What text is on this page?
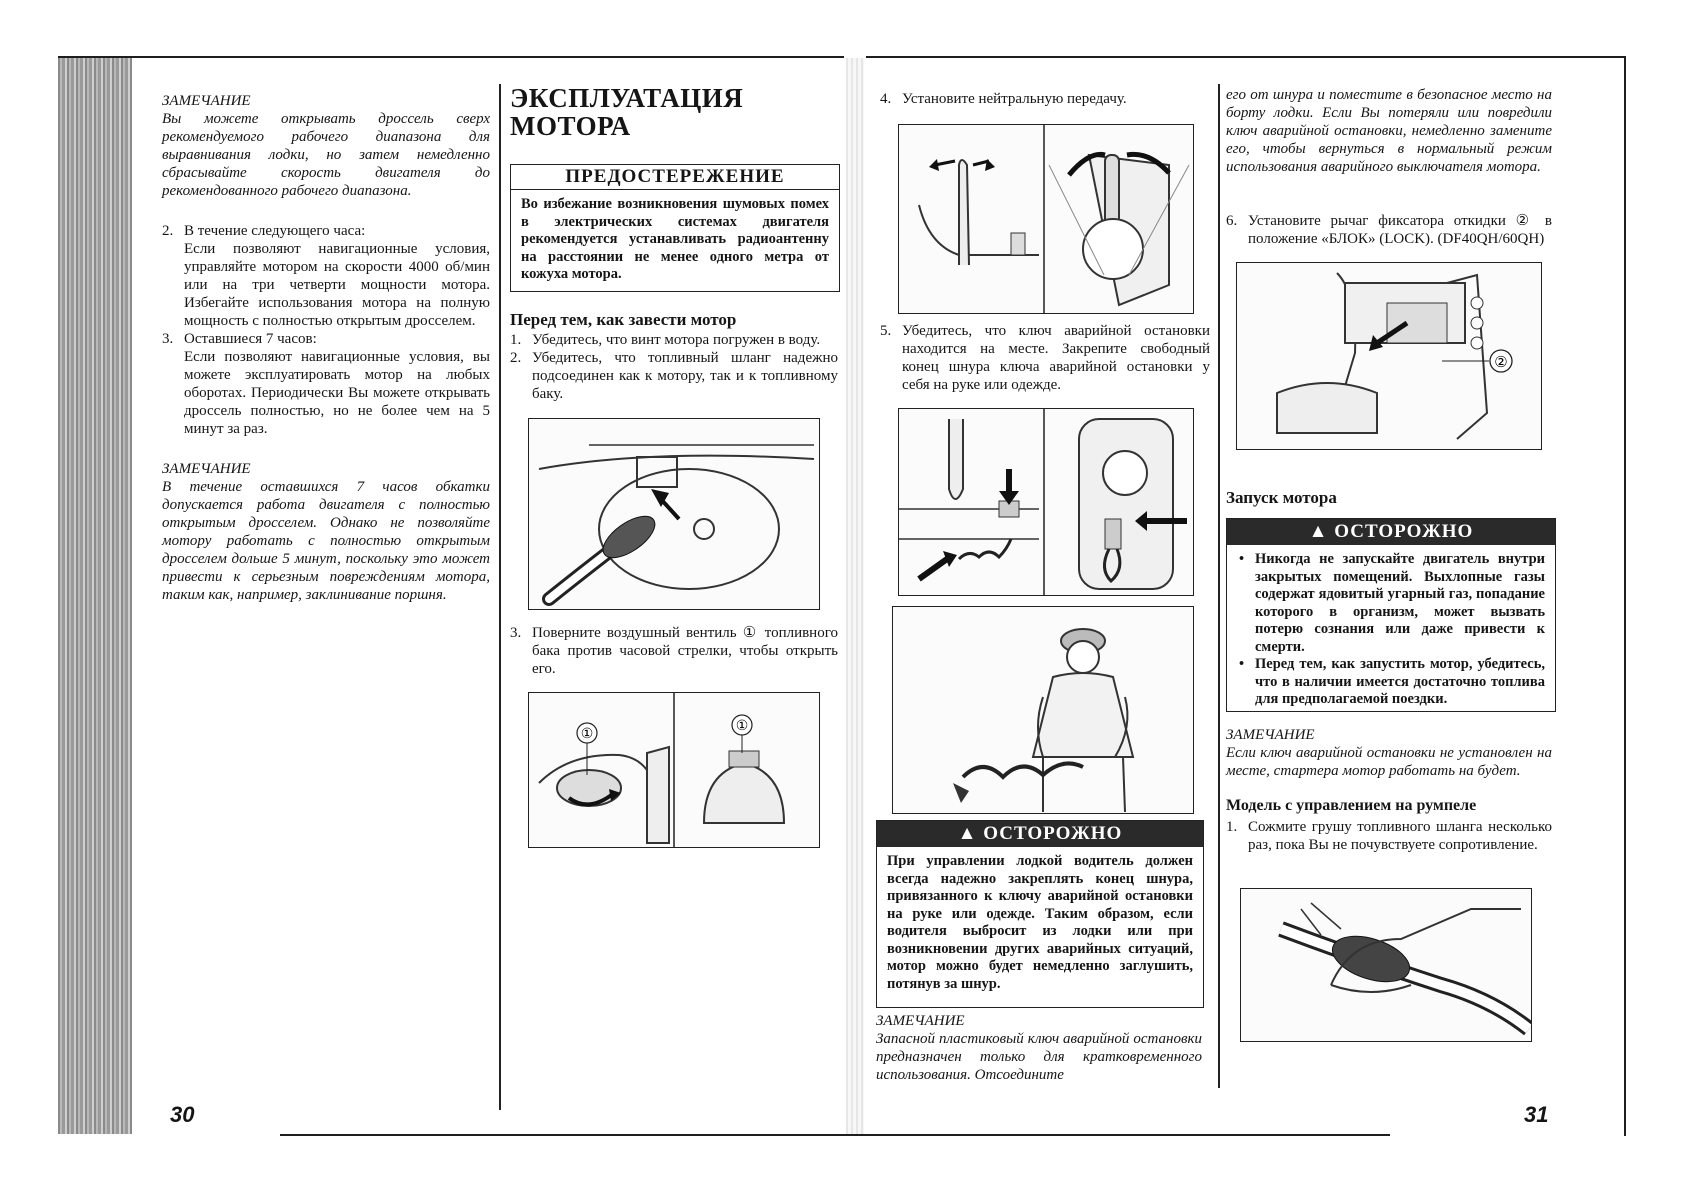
ЗАМЕЧАНИЕ
Вы можете открывать дроссель сверх рекомендуемого рабочего диапазона для выравнивания лодки, но затем немедленно сбрасывайте скорость двигателя до рекомендованного рабочего диапазона.
2. В течение следующего часа:
Если позволяют навигационные условия, управляйте мотором на скорости 4000 об/мин или на три четверти мощности мотора. Избегайте использования мотора на полную мощность с полностью открытым дросселем.
3. Оставшиеся 7 часов:
Если позволяют навигационные условия, вы можете эксплуатировать мотор на любых оборотах. Периодически Вы можете открывать дроссель полностью, но не более чем на 5 минут за раз.
ЗАМЕЧАНИЕ
В течение оставшихся 7 часов обкатки допускается работа двигателя с полностью открытым дросселем. Однако не позволяйте мотору работать с полностью открытым дросселем дольше 5 минут, поскольку это может привести к серьезным повреждениям мотора, таким как, например, заклинивание поршня.
30
ЭКСПЛУАТАЦИЯ МОТОРА
ПРЕДОСТЕРЕЖЕНИЕ
Во избежание возникновения шумовых помех в электрических системах двигателя рекомендуется устанавливать радиоантенну на расстоянии не менее одного метра от кожуха мотора.
Перед тем, как завести мотор
1. Убедитесь, что винт мотора погружен в воду.
2. Убедитесь, что топливный шланг надежно подсоединен как к мотору, так и к топливному баку.
3. Поверните воздушный вентиль ① топливного бака против часовой стрелки, чтобы открыть его.
①	①
4. Установите нейтральную передачу.
5. Убедитесь, что ключ аварийной остановки находится на месте. Закрепите свободный конец шнура ключа аварийной остановки у себя на руке или одежде.
▲ ОСТОРОЖНО
При управлении лодкой водитель должен всегда надежно закреплять конец шнура, привязанного к ключу аварийной остановки на руке или одежде. Таким образом, если водителя выбросит из лодки или при возникновении других аварийных ситуаций, мотор можно будет немедленно заглушить, потянув за шнур.
ЗАМЕЧАНИЕ
Запасной пластиковый ключ аварийной остановки предназначен только для кратковременного использования. Отсоедините
его от шнура и поместите в безопасное место на борту лодки. Если Вы потеряли или повредили ключ аварийной остановки, немедленно замените его, чтобы вернуться в нормальный режим использования аварийного выключателя мотора.
6. Установите рычаг фиксатора откидки ② в положение «БЛОК» (LOCK). (DF40QH/60QH)
②
Запуск мотора
▲ ОСТОРОЖНО
• Никогда не запускайте двигатель внутри закрытых помещений. Выхлопные газы содержат ядовитый угарный газ, попадание которого в организм, может вызвать потерю сознания или даже привести к смерти.
• Перед тем, как запустить мотор, убедитесь, что в наличии имеется достаточно топлива для предполагаемой поездки.
ЗАМЕЧАНИЕ
Если ключ аварийной остановки не установлен на месте, стартера мотор работать на будет.
Модель с управлением на румпеле
1. Сожмите грушу топливного шланга несколько раз, пока Вы не почувствуете сопротивление.
31
